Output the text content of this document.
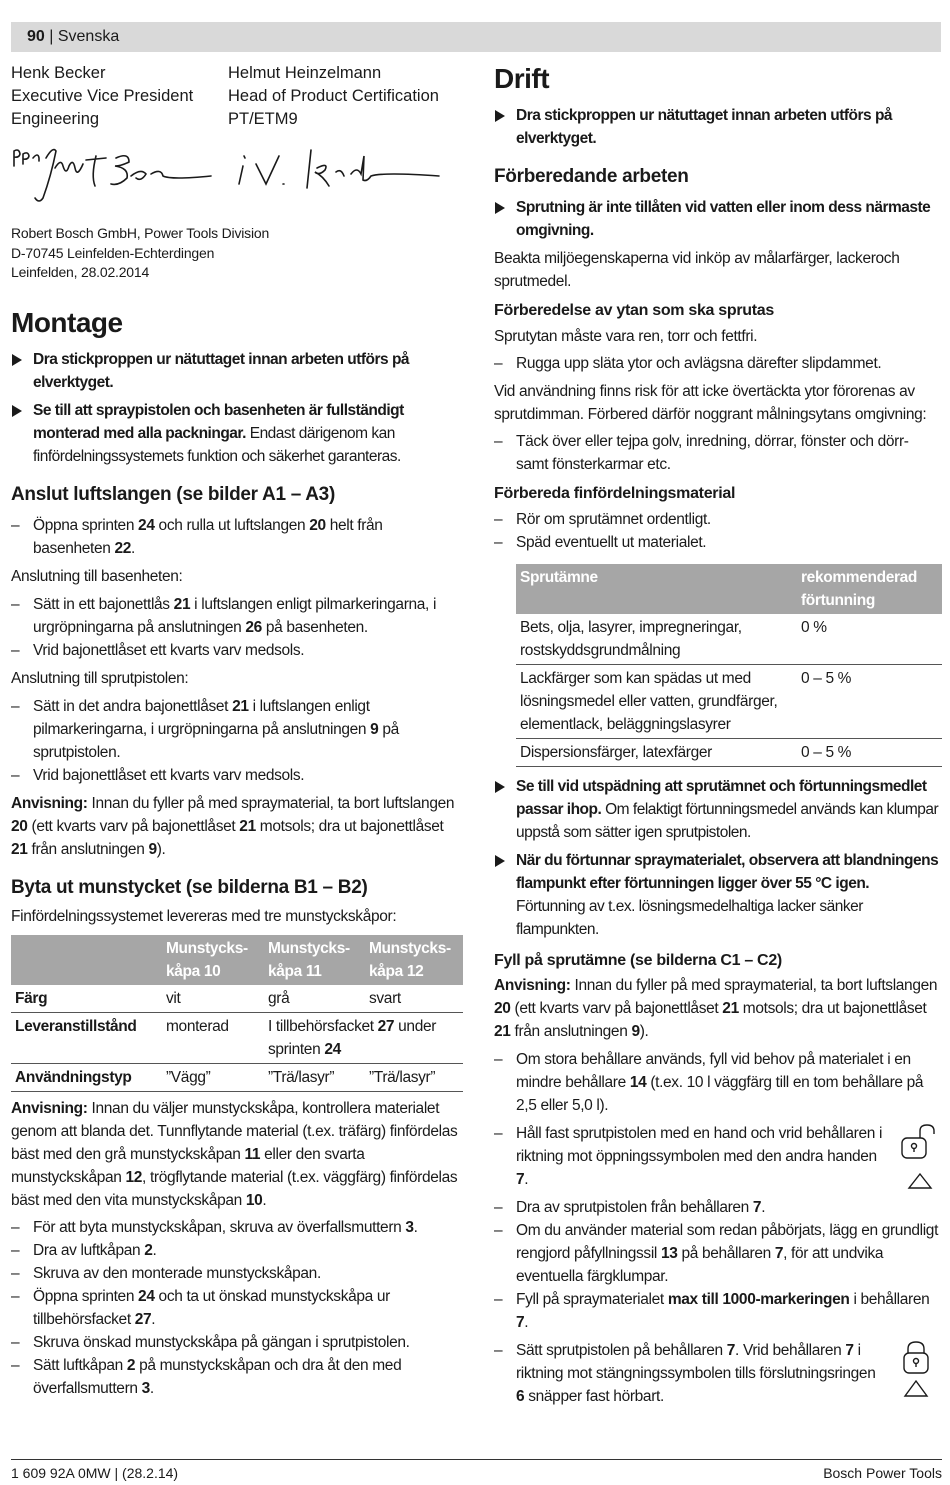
90 | Svenska

Henk Becker

Executive Vice President

Engineering

Helmut Heinzelmann

Head of Product Certification

PT/ETM9

ppa.	i.V.

Robert Bosch GmbH, Power Tools Division

D-70745 Leinfelden-Echterdingen

Leinfelden, 28.02.2014

Montage

Dra stickproppen ur nätuttaget innan arbeten utförs på elverktyget.

Se till att spraypistolen och basenheten är fullständigt monterad med alla packningar. Endast därigenom kan finfördelningssystemets funktion och säkerhet garanteras.

Anslut luftslangen (se bilder A1 – A3)

– Öppna sprinten 24 och rulla ut luftslangen 20 helt från basenheten 22.

Anslutning till basenheten:

– Sätt in ett bajonettlås 21 i luftslangen enligt pilmarkeringarna, i urgröpningarna på anslutningen 26 på basenheten.

– Vrid bajonettlåset ett kvarts varv medsols.

Anslutning till sprutpistolen:

– Sätt in det andra bajonettlåset 21 i luftslangen enligt pilmarkeringarna, i urgröpningarna på anslutningen 9 på sprutpistolen.

– Vrid bajonettlåset ett kvarts varv medsols.

Anvisning: Innan du fyller på med spraymaterial, ta bort luftslangen 20 (ett kvarts varv på bajonettlåset 21 motsols; dra ut bajonettlåset 21 från anslutningen 9).

Byta ut munstycket (se bilderna B1 – B2)

Finfördelningssystemet levereras med tre munstyckskåpor:

	Munstycks-kåpa 10	Munstycks-kåpa 11	Munstycks-kåpa 12
Färg	vit	grå	svart
Leveranstillstånd	monterad	I tillbehörsfacket 27 under sprinten 24	
Användningstyp	”Vägg”	”Trä/lasyr”	”Trä/lasyr”

Anvisning: Innan du väljer munstyckskåpa, kontrollera materialet genom att blanda det. Tunnflytande material (t.ex. träfärg) finfördelas bäst med den grå munstyckskåpan 11 eller den svarta munstyckskåpan 12, trögflytande material (t.ex. väggfärg) finfördelas bäst med den vita munstyckskåpan 10.

– För att byta munstyckskåpan, skruva av överfallsmuttern 3.

– Dra av luftkåpan 2.

– Skruva av den monterade munstyckskåpan.

– Öppna sprinten 24 och ta ut önskad munstyckskåpa ur tillbehörsfacket 27.

– Skruva önskad munstyckskåpa på gängan i sprutpistolen.

– Sätt luftkåpan 2 på munstyckskåpan och dra åt den med överfallsmuttern 3.

Drift

Dra stickproppen ur nätuttaget innan arbeten utförs på elverktyget.

Förberedande arbeten

Sprutning är inte tillåten vid vatten eller inom dess närmaste omgivning.

Beakta miljöegenskaperna vid inköp av målarfärger, lackeroch sprutmedel.

Förberedelse av ytan som ska sprutas

Sprutytan måste vara ren, torr och fettfri.

– Rugga upp släta ytor och avlägsna därefter slipdammet.

Vid användning finns risk för att icke övertäckta ytor förorenas av sprutdimman. Förbered därför noggrant målningsytans omgivning:

– Täck över eller tejpa golv, inredning, dörrar, fönster och dörr- samt fönsterkarmar etc.

Förbereda finfördelningsmaterial

– Rör om sprutämnet ordentligt.

– Späd eventuellt ut materialet.

Sprutämne	rekommenderad förtunning
Bets, olja, lasyrer, impregneringar, rostskyddsgrundmålning	0 %
Lackfärger som kan spädas ut med lösningsmedel eller vatten, grundfärger, elementlack, beläggningslasyrer	0 – 5 %
Dispersionsfärger, latexfärger	0 – 5 %

Se till vid utspädning att sprutämnet och förtunningsmedlet passar ihop. Om felaktigt förtunningsmedel används kan klumpar uppstå som sätter igen sprutpistolen.

När du förtunnar spraymaterialet, observera att blandningens flampunkt efter förtunningen ligger över 55 °C igen. Förtunning av t.ex. lösningsmedelhaltiga lacker sänker flampunkten.

Fyll på sprutämne (se bilderna C1 – C2)

Anvisning: Innan du fyller på med spraymaterial, ta bort luftslangen 20 (ett kvarts varv på bajonettlåset 21 motsols; dra ut bajonettlåset 21 från anslutningen 9).

– Om stora behållare används, fyll vid behov på materialet i en mindre behållare 14 (t.ex. 10 l väggfärg till en tom behållare på 2,5 eller 5,0 l).

– Håll fast sprutpistolen med en hand och vrid behållaren i riktning mot öppningssymbolen med den andra handen 7.

– Dra av sprutpistolen från behållaren 7.

– Om du använder material som redan påbörjats, lägg en grundligt rengjord påfyllningssil 13 på behållaren 7, för att undvika eventuella färgklumpar.

– Fyll på spraymaterialet max till 1000-markeringen i behållaren 7.

– Sätt sprutpistolen på behållaren 7. Vrid behållaren 7 i riktning mot stängningssymbolen tills förslutningsringen 6 snäpper fast hörbart.

1 609 92A 0MW | (28.2.14)	Bosch Power Tools
